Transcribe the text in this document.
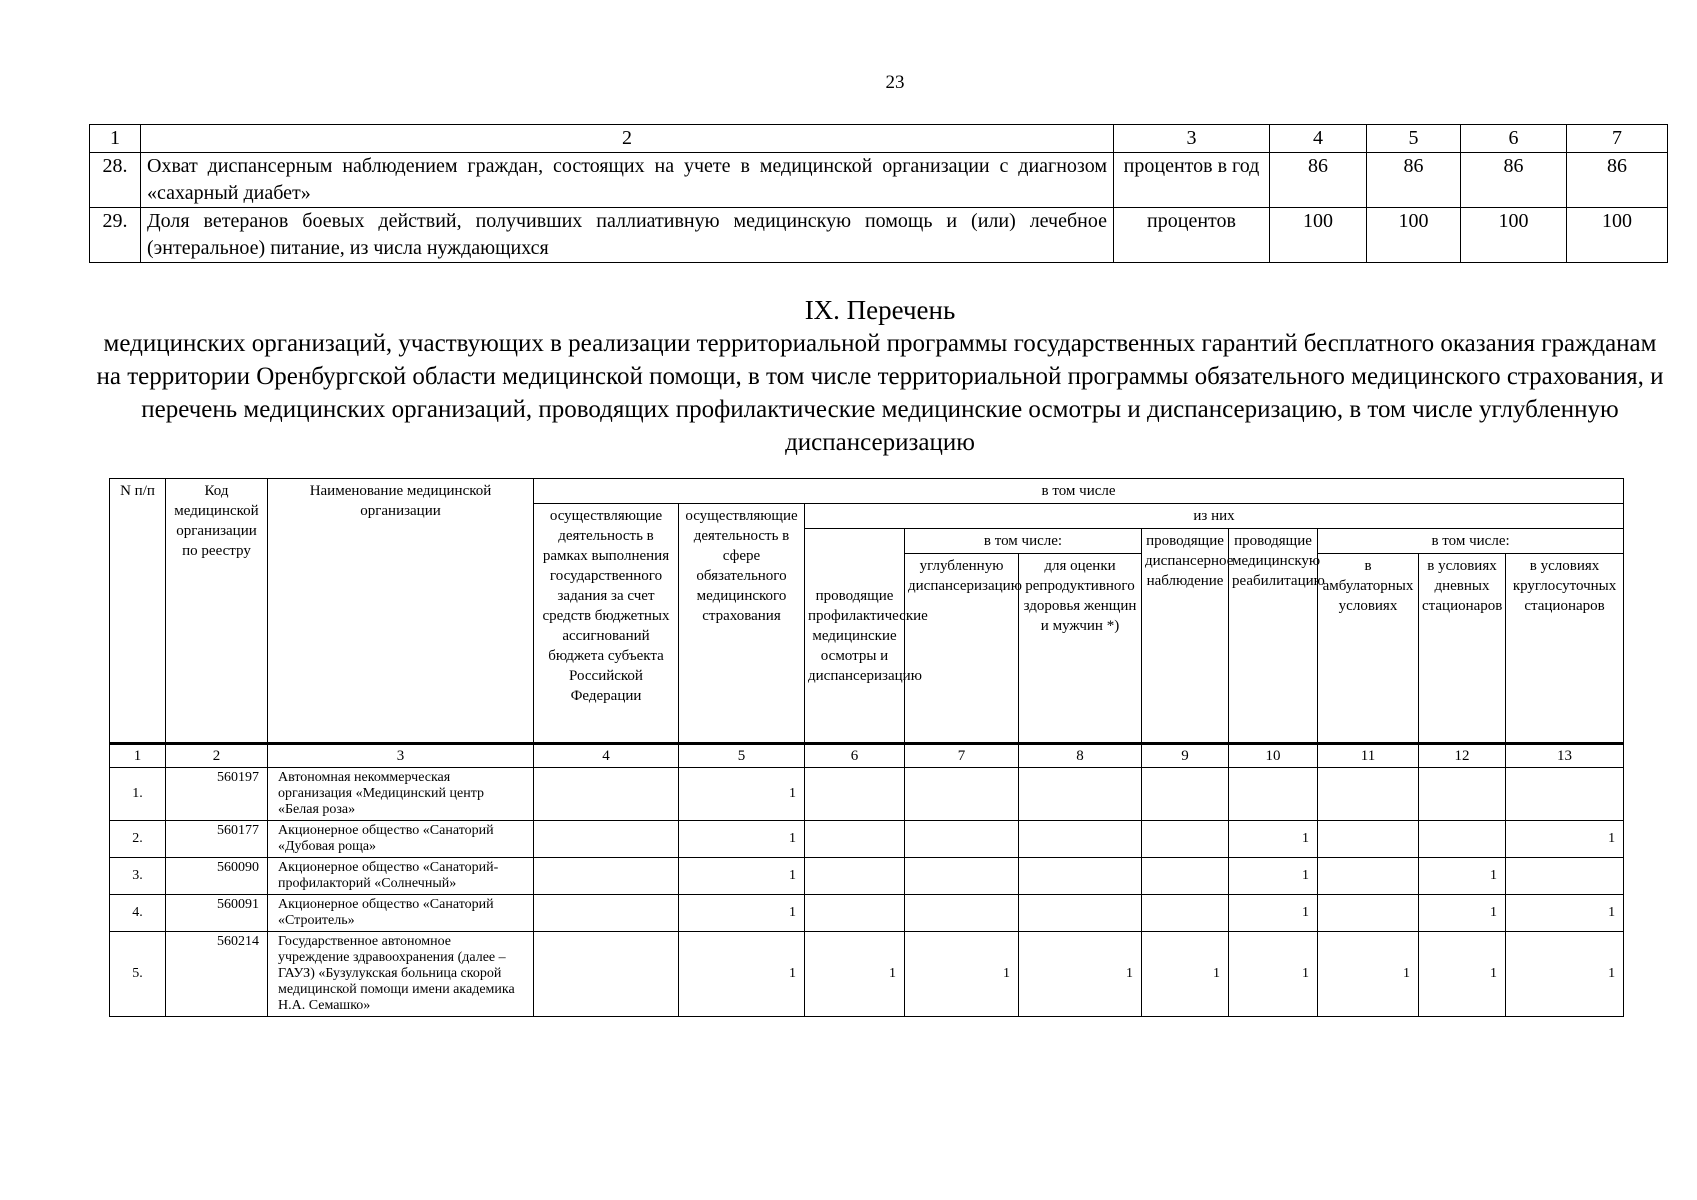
23
1	2	3	4	5	6	7
28.	Охват диспансерным наблюдением граждан, состоящих на учете в медицинской организации с диагнозом «сахарный диабет»	процентов в год	86	86	86	86
29.	Доля ветеранов боевых действий, получивших паллиативную медицинскую помощь и (или) лечебное (энтеральное) питание, из числа нуждающихся	процентов	100	100	100	100
IX. Перечень
медицинских организаций, участвующих в реализации территориальной программы государственных гарантий бесплатного оказания гражданам на территории Оренбургской области медицинской помощи, в том числе территориальной программы обязательного медицинского страхования, и перечень медицинских организаций, проводящих профилактические медицинские осмотры и диспансеризацию, в том числе углубленную диспансеризацию
N п/п	Код медицинской организации по реестру	Наименование медицинской организации	в том числе									
			осуществляющие деятельность в рамках выполнения государственного задания за счет средств бюджетных ассигнований бюджета субъекта Российской Федерации	осуществляющие деятельность в сфере обязательного медицинского страхования	из них							
					проводящие профилактические медицинские осмотры и диспансеризацию	в том числе:		проводящие диспансерное наблюдение	проводящие медицинскую реабилитацию	в том числе:		
						углубленную диспансеризацию	для оценки репродуктивного здоровья женщин и мужчин *)			в амбулаторных условиях	в условиях дневных стационаров	в условиях круглосуточных стационаров
1	2	3	4	5	6	7	8	9	10	11	12	13
1.	560197	Автономная некоммерческая организация «Медицинский центр «Белая роза»		1								
2.	560177	Акционерное общество «Санаторий «Дубовая роща»		1					1			1
3.	560090	Акционерное общество «Санаторий-профилакторий «Солнечный»		1					1		1	
4.	560091	Акционерное общество «Санаторий «Строитель»		1					1		1	1
5.	560214	Государственное автономное учреждение здравоохранения (далее – ГАУЗ) «Бузулукская больница скорой медицинской помощи имени академика Н.А. Семашко»		1	1	1	1	1	1	1	1	1
